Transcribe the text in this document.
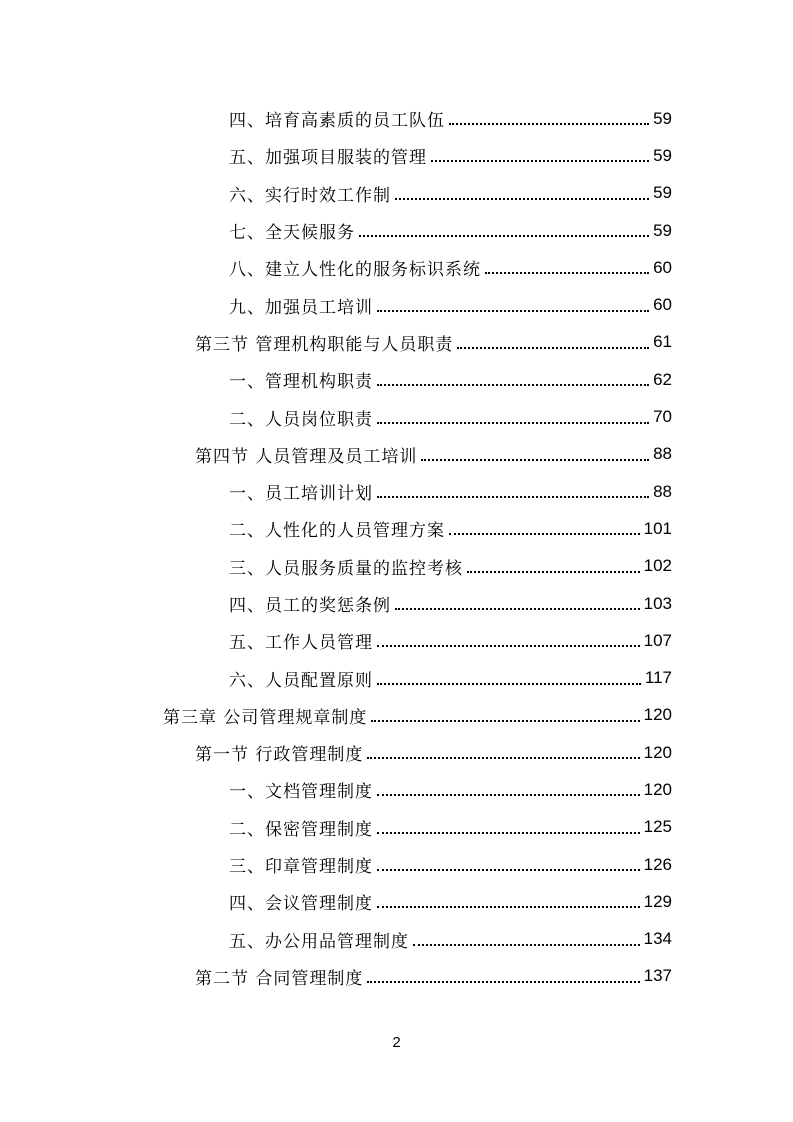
四、培育高素质的员工队伍	59
五、加强项目服装的管理	59
六、实行时效工作制	59
七、全天候服务	59
八、建立人性化的服务标识系统	60
九、加强员工培训	60
第三节 管理机构职能与人员职责	61
一、管理机构职责	62
二、人员岗位职责	70
第四节 人员管理及员工培训	88
一、员工培训计划	88
二、人性化的人员管理方案	101
三、人员服务质量的监控考核	102
四、员工的奖惩条例	103
五、工作人员管理	107
六、人员配置原则	117
第三章 公司管理规章制度	120
第一节 行政管理制度	120
一、文档管理制度	120
二、保密管理制度	125
三、印章管理制度	126
四、会议管理制度	129
五、办公用品管理制度	134
第二节 合同管理制度	137
2
